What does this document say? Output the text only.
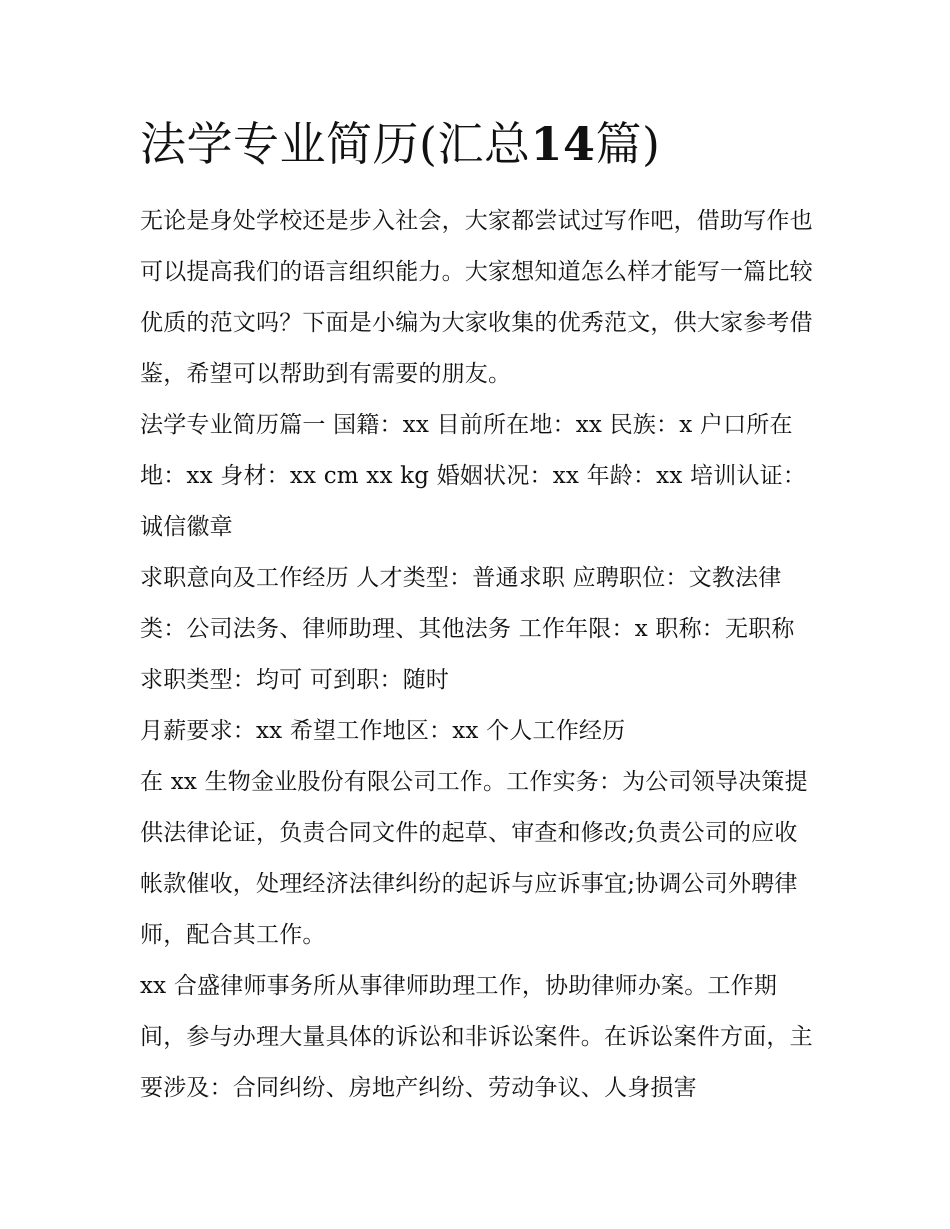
法学专业简历(汇总14篇)

无论是身处学校还是步入社会，大家都尝试过写作吧，借助写作也可以提高我们的语言组织能力。大家想知道怎么样才能写一篇比较优质的范文吗？下面是小编为大家收集的优秀范文，供大家参考借鉴，希望可以帮助到有需要的朋友。

法学专业简历篇一 国籍：xx 目前所在地：xx 民族：x 户口所在地：xx 身材：xx cm xx kg 婚姻状况：xx 年龄：xx 培训认证：诚信徽章

求职意向及工作经历 人才类型：普通求职 应聘职位：文教法律类：公司法务、律师助理、其他法务 工作年限：x 职称：无职称 求职类型：均可 可到职：随时

月薪要求：xx 希望工作地区：xx 个人工作经历

在 xx 生物金业股份有限公司工作。工作实务：为公司领导决策提供法律论证，负责合同文件的起草、审查和修改;负责公司的应收帐款催收，处理经济法律纠纷的起诉与应诉事宜;协调公司外聘律师，配合其工作。

xx 合盛律师事务所从事律师助理工作，协助律师办案。工作期间，参与办理大量具体的诉讼和非诉讼案件。在诉讼案件方面，主要涉及：合同纠纷、房地产纠纷、劳动争议、人身损害
